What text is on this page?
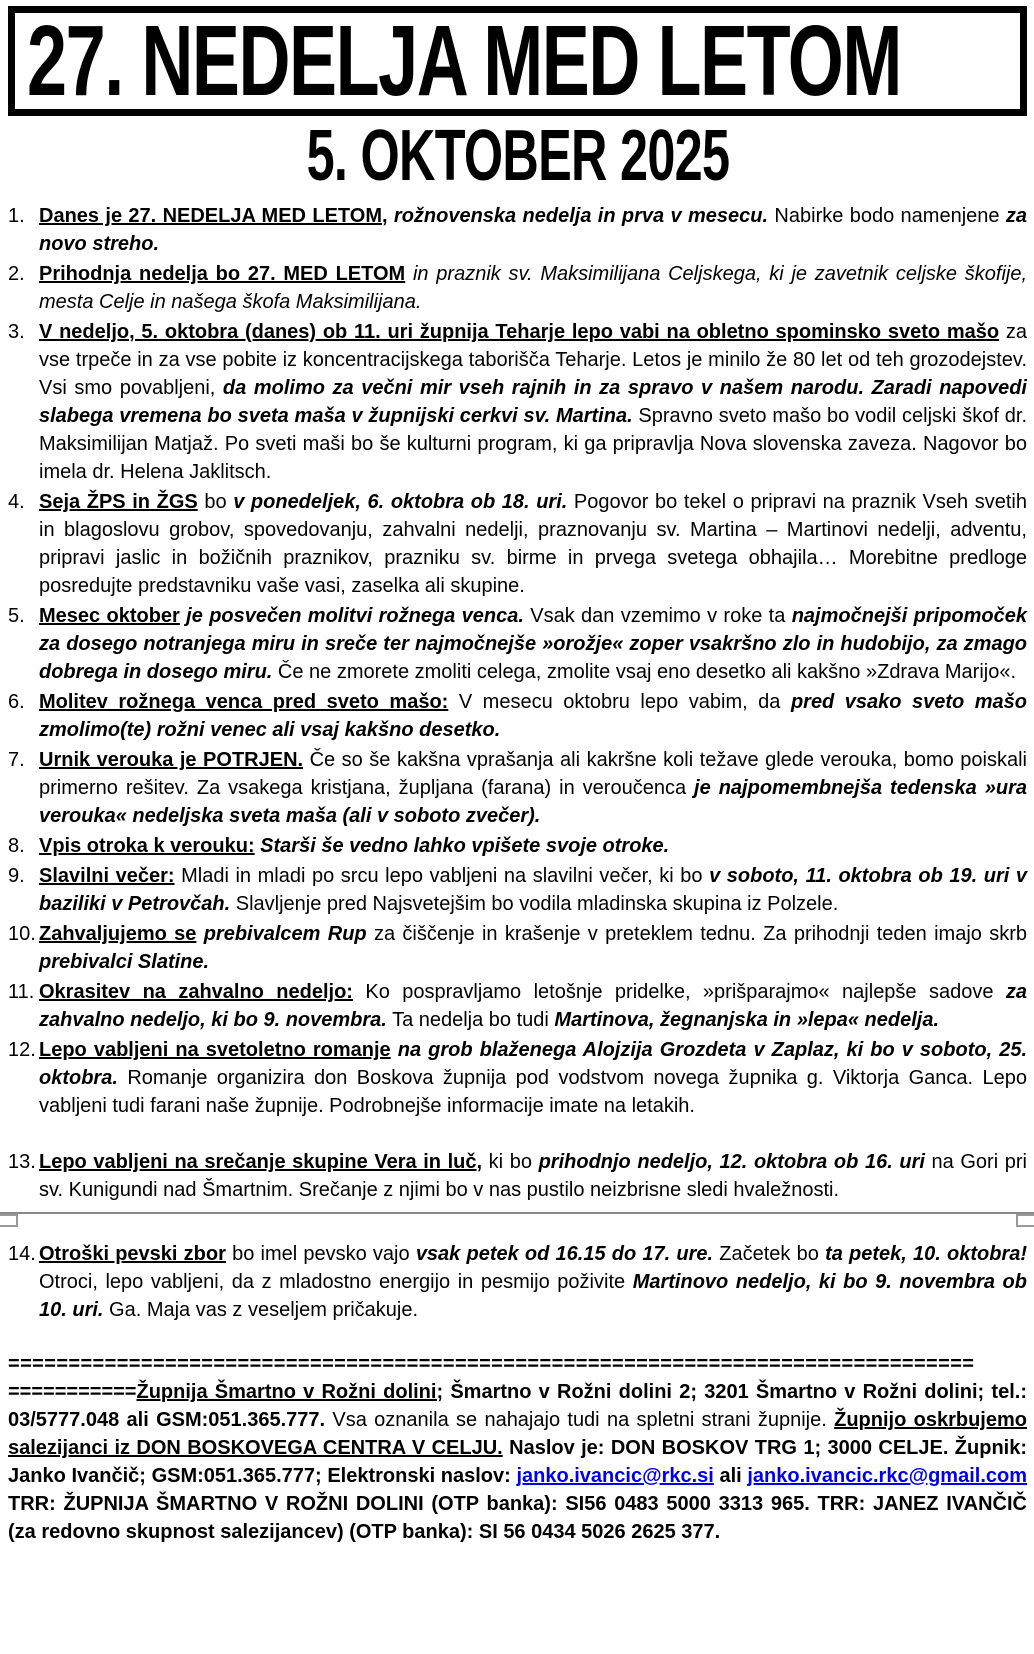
27. NEDELJA MED LETOM
5. OKTOBER 2025
1. Danes je 27. NEDELJA MED LETOM, rožnovenska nedelja in prva v mesecu. Nabirke bodo namenjene za novo streho.
2. Prihodnja nedelja bo 27. MED LETOM in praznik sv. Maksimilijana Celjskega, ki je zavetnik celjske škofije, mesta Celje in našega škofa Maksimilijana.
3. V nedeljo, 5. oktobra (danes) ob 11. uri župnija Teharje lepo vabi na obletno spominsko sveto mašo za vse trpeče in za vse pobite iz koncentracijskega taborišča Teharje. Letos je minilo že 80 let od teh grozodejstev. Vsi smo povabljeni, da molimo za večni mir vseh rajnih in za spravo v našem narodu. Zaradi napovedi slabega vremena bo sveta maša v župnijski cerkvi sv. Martina. Spravno sveto mašo bo vodil celjski škof dr. Maksimilijan Matjaž. Po sveti maši bo še kulturni program, ki ga pripravlja Nova slovenska zaveza. Nagovor bo imela dr. Helena Jaklitsch.
4. Seja ŽPS in ŽGS bo v ponedeljek, 6. oktobra ob 18. uri. Pogovor bo tekel o pripravi na praznik Vseh svetih in blagoslovu grobov, spovedovanju, zahvalni nedelji, praznovanju sv. Martina – Martinovi nedelji, adventu, pripravi jaslic in božičnih praznikov, prazniku sv. birme in prvega svetega obhajila… Morebitne predloge posredujte predstavniku vaše vasi, zaselka ali skupine.
5. Mesec oktober je posvečen molitvi rožnega venca. Vsak dan vzemimo v roke ta najmočnejši pripomoček za dosego notranjega miru in sreče ter najmočnejše »orožje« zoper vsakršno zlo in hudobijo, za zmago dobrega in dosego miru. Če ne zmorete zmoliti celega, zmolite vsaj eno desetko ali kakšno »Zdrava Marijo«.
6. Molitev rožnega venca pred sveto mašo: V mesecu oktobru lepo vabim, da pred vsako sveto mašo zmolimo(te) rožni venec ali vsaj kakšno desetko.
7. Urnik verouka je POTRJEN. Če so še kakšna vprašanja ali kakršne koli težave glede verouka, bomo poiskali primerno rešitev. Za vsakega kristjana, župljana (farana) in veroučenca je najpomembnejša tedenska »ura verouka« nedeljska sveta maša (ali v soboto zvečer).
8. Vpis otroka k verouku: Starši še vedno lahko vpišete svoje otroke.
9. Slavilni večer: Mladi in mladi po srcu lepo vabljeni na slavilni večer, ki bo v soboto, 11. oktobra ob 19. uri v baziliki v Petrovčah. Slavljenje pred Najsvetejšim bo vodila mladinska skupina iz Polzele.
10. Zahvaljujemo se prebivalcem Rup za čiščenje in krašenje v preteklem tednu. Za prihodnji teden imajo skrb prebivalci Slatine.
11. Okrasitev na zahvalno nedeljo: Ko pospravljamo letošnje pridelke, »prišparajmo« najlepše sadove za zahvalno nedeljo, ki bo 9. novembra. Ta nedelja bo tudi Martinova, žegnanjska in »lepa« nedelja.
12. Lepo vabljeni na svetoletno romanje na grob blaženega Alojzija Grozdeta v Zaplaz, ki bo v soboto, 25. oktobra. Romanje organizira don Boskova župnija pod vodstvom novega župnika g. Viktorja Ganca. Lepo vabljeni tudi farani naše župnije. Podrobnejše informacije imate na letakih.
13. Lepo vabljeni na srečanje skupine Vera in luč, ki bo prihodnjo nedeljo, 12. oktobra ob 16. uri na Gori pri sv. Kunigundi nad Šmartnim. Srečanje z njimi bo v nas pustilo neizbrisne sledi hvaležnosti.
14. Otroški pevski zbor bo imel pevsko vajo vsak petek od 16.15 do 17. ure. Začetek bo ta petek, 10. oktobra! Otroci, lepo vabljeni, da z mladostno energijo in pesmijo poživite Martinovo nedeljo, ki bo 9. novembra ob 10. uri. Ga. Maja vas z veseljem pričakuje.
================================================================================

===========Župnija Šmartno v Rožni dolini; Šmartno v Rožni dolini 2; 3201 Šmartno v Rožni dolini; tel.: 03/5777.048 ali GSM:051.365.777. Vsa oznanila se nahajajo tudi na spletni strani župnije. Župnijo oskrbujemo salezijanci iz DON BOSKOVEGA CENTRA V CELJU. Naslov je: DON BOSKOV TRG 1; 3000 CELJE. Župnik: Janko Ivančič; GSM:051.365.777; Elektronski naslov: janko.ivancic@rkc.si ali janko.ivancic.rkc@gmail.com TRR: ŽUPNIJA ŠMARTNO V ROŽNI DOLINI (OTP banka): SI56 0483 5000 3313 965. TRR: JANEZ IVANČIČ (za redovno skupnost salezijancev) (OTP banka): SI 56 0434 5026 2625 377.
